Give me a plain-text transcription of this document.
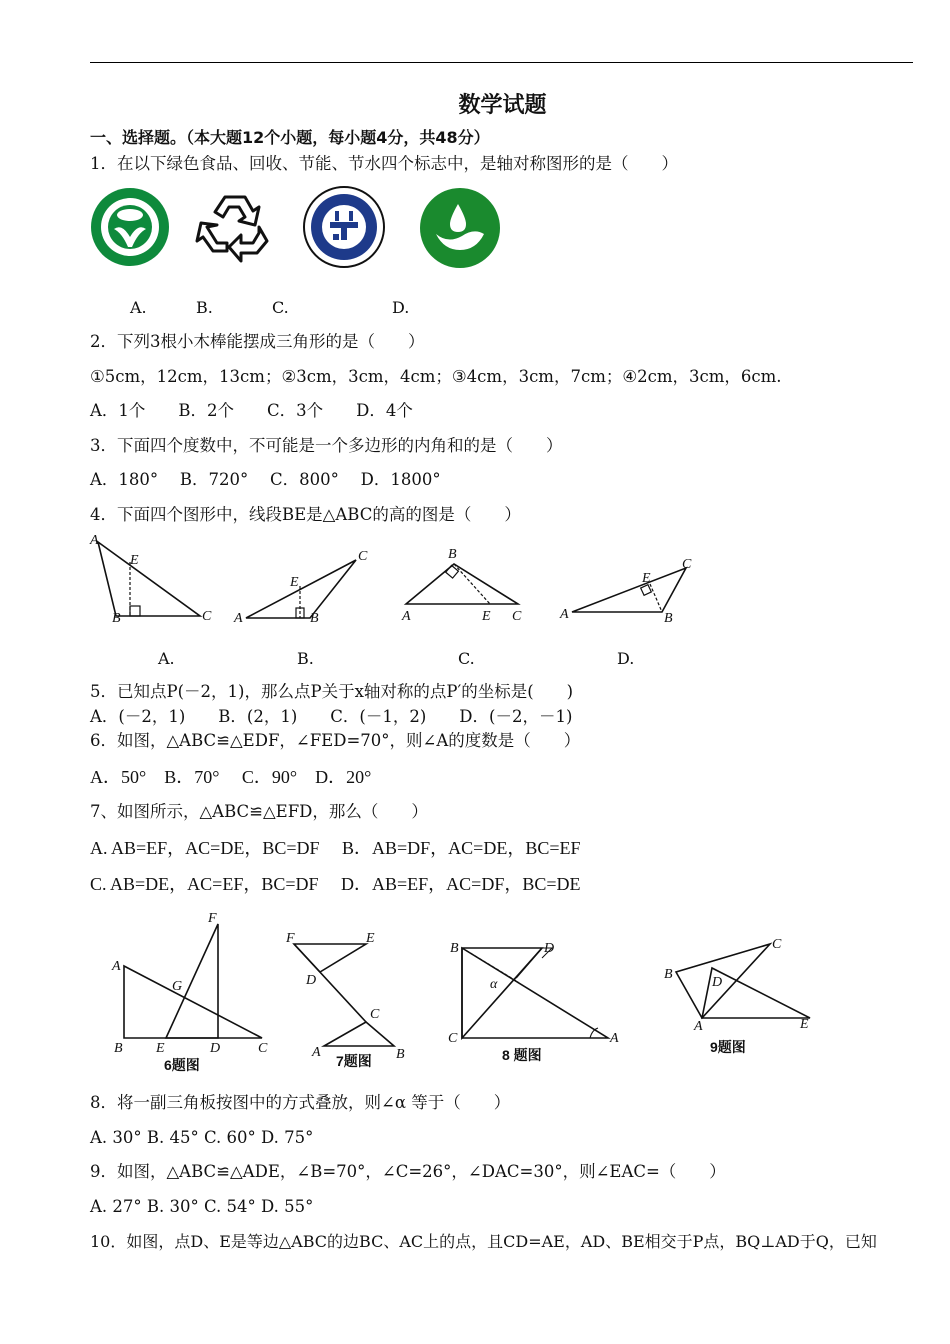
数学试题
一、选择题。（本大题12个小题，每小题4分，共48分）
1．在以下绿色食品、回收、节能、节水四个标志中，是轴对称图形的是（　　）
A.	B.	C.	D.
2．下列3根小木棒能摆成三角形的是（　　）
①5cm，12cm，13cm；②3cm，3cm，4cm；③4cm，3cm，7cm；④2cm，3cm，6cm.
A．1个　　B．2个　　C．3个　　D．4个
3．下面四个度数中，不可能是一个多边形的内角和的是（　　）
A．180°　 B．720°　 C．800°　 D．1800°
4．下面四个图形中，线段BE是△ABC的高的图是（　　）
A
E
B	C A
E
B
C	B
A	E C	A
E
B
C
A.	B.	C.	D.
5．已知点P(－2，1)，那么点P关于x轴对称的点P′的坐标是(　　)
A．(－2，1)　　B．(2，1)　　C．(－1，2)　　D．(－2，－1)
6．如图，△ABC≌△EDF，∠FED=70°，则∠A的度数是（　　）
A．50°　B．70°　 C．90°　D．20°
7、如图所示，△ABC≌△EFD，那么（　　）
A. AB=EF，AC=DE，BC=DF　 B．AB=DF，AC=DE，BC=EF
C. AB=DE，AC=EF，BC=DF　 D．AB=EF，AC=DF，BC=DE
F
A
G
B E	D	C
6题图
F	E
D
C
A	B
7题图
B	D
α
C	A
8 题图
B
C
D
A	E
9题图
8．将一副三角板按图中的方式叠放，则∠α 等于（　　）
A. 30° B. 45° C. 60° D. 75°
9．如图，△ABC≌△ADE，∠B=70°，∠C=26°，∠DAC=30°，则∠EAC=（　　）
A. 27° B. 30° C. 54° D. 55°
10．如图，点D、E是等边△ABC的边BC、AC上的点，且CD=AE，AD、BE相交于P点，BQ⊥AD于Q，已知
